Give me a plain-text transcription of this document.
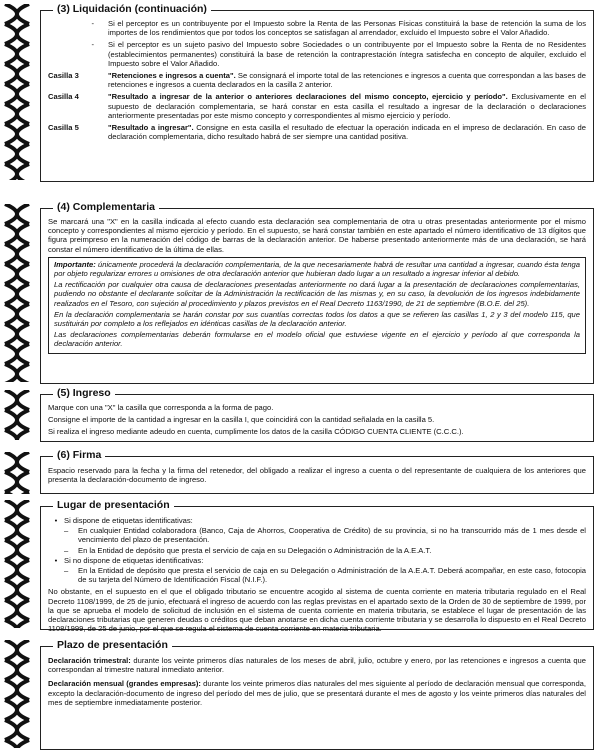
(3) Liquidación (continuación)
-	Si el perceptor es un contribuyente por el Impuesto sobre la Renta de las Personas Físicas constituirá la base de retención la suma de los importes de los rendimientos que por todos los conceptos se satisfagan al arrendador, excluido el Impuesto sobre el Valor Añadido.
-	Si el perceptor es un sujeto pasivo del Impuesto sobre Sociedades o un contribuyente por el Impuesto sobre la Renta de no Residentes (establecimientos permanentes) constituirá la base de retención la contraprestación íntegra satisfecha en concepto de alquiler, excluido el Impuesto sobre el Valor Añadido.
Casilla 3	"Retenciones e ingresos a cuenta". Se consignará el importe total de las retenciones e ingresos a cuenta que correspondan a las bases de retenciones e ingresos a cuenta declarados en la casilla 2 anterior.
Casilla 4	"Resultado a ingresar de la anterior o anteriores declaraciones del mismo concepto, ejercicio y período". Exclusivamente en el supuesto de declaración complementaria, se hará constar en esta casilla el resultado a ingresar de la declaración o declaraciones anteriormente presentadas por este mismo concepto y correspondientes al mismo ejercicio y período.
Casilla 5	"Resultado a ingresar". Consigne en esta casilla el resultado de efectuar la operación indicada en el impreso de declaración. En caso de declaración complementaria, dicho resultado habrá de ser siempre una cantidad positiva.
(4) Complementaria

Se marcará una "X" en la casilla indicada al efecto cuando esta declaración sea complementaria de otra u otras presentadas anteriormente por el mismo concepto y correspondientes al mismo ejercicio y período. En el supuesto, se hará constar también en este apartado el número identificativo de 13 dígitos que figura preimpreso en la numeración del código de barras de la declaración anterior. De haberse presentado anteriormente más de una declaración, se hará constar el número identificativo de la última de ellas.

Importante: únicamente procederá la declaración complementaria, de la que necesariamente habrá de resultar una cantidad a ingresar, cuando ésta tenga por objeto regularizar errores u omisiones de otra declaración anterior que hubieran dado lugar a un resultado a ingresar inferior al debido.

La rectificación por cualquier otra causa de declaraciones presentadas anteriormente no dará lugar a la presentación de declaraciones complementarias, pudiendo no obstante el declarante solicitar de la Administración la rectificación de las mismas y, en su caso, la devolución de los ingresos indebidamente realizados en el Tesoro, con sujeción al procedimiento y plazos previstos en el Real Decreto 1163/1990, de 21 de septiembre (B.O.E. del 25).

En la declaración complementaria se harán constar por sus cuantías correctas todos los datos a que se refieren las casillas 1, 2 y 3 del modelo 115, que sustituirán por completo a los reflejados en idénticas casillas de la declaración anterior.

Las declaraciones complementarias deberán formularse en el modelo oficial que estuviese vigente en el ejercicio y período al que corresponda la declaración anterior.

(5) Ingreso

Marque con una "X" la casilla que corresponda a la forma de pago.

Consigne el importe de la cantidad a ingresar en la casilla I, que coincidirá con la cantidad señalada en la casilla 5.

Si realiza el ingreso mediante adeudo en cuenta, cumplimente los datos de la casilla CÓDIGO CUENTA CLIENTE (C.C.C.).

(6) Firma

Espacio reservado para la fecha y la firma del retenedor, del obligado a realizar el ingreso a cuenta o del representante de cualquiera de los anteriores que presenta la declaración-documento de ingreso.

Lugar de presentación
• Si dispone de etiquetas identificativas:
–	En cualquier Entidad colaboradora (Banco, Caja de Ahorros, Cooperativa de Crédito) de su provincia, si no ha transcurrido más de 1 mes desde el vencimiento del plazo de presentación.
–	En la Entidad de depósito que presta el servicio de caja en su Delegación o Administración de la A.E.A.T.
• Si no dispone de etiquetas identificativas:
–	En la Entidad de depósito que presta el servicio de caja en su Delegación o Administración de la A.E.A.T. Deberá acompañar, en este caso, fotocopia de su tarjeta del Número de Identificación Fiscal (N.I.F.).

No obstante, en el supuesto en el que el obligado tributario se encuentre acogido al sistema de cuenta corriente en materia tributaria regulado en el Real Decreto 1108/1999, de 25 de junio, efectuará el ingreso de acuerdo con las reglas previstas en el apartado sexto de la Orden de 30 de septiembre de 1999, por la que se aprueba el modelo de solicitud de inclusión en el sistema de cuenta corriente en materia tributaria, se establece el lugar de presentación de las declaraciones tributarias que generen deudas o créditos que deban anotarse en dicha cuenta corriente tributaria y se desarrolla lo dispuesto en el Real Decreto 1108/1999, de 25 de junio, por el que se regula el sistema de cuenta corriente en materia tributaria.

Plazo de presentación

Declaración trimestral: durante los veinte primeros días naturales de los meses de abril, julio, octubre y enero, por las retenciones e ingresos a cuenta que correspondan al trimestre natural inmediato anterior.

Declaración mensual (grandes empresas): durante los veinte primeros días naturales del mes siguiente al período de declaración mensual que corresponda, excepto la declaración-documento de ingreso del período del mes de julio, que se presentará durante el mes de agosto y los veinte primeros días naturales del mes de septiembre inmediatamente posterior.
